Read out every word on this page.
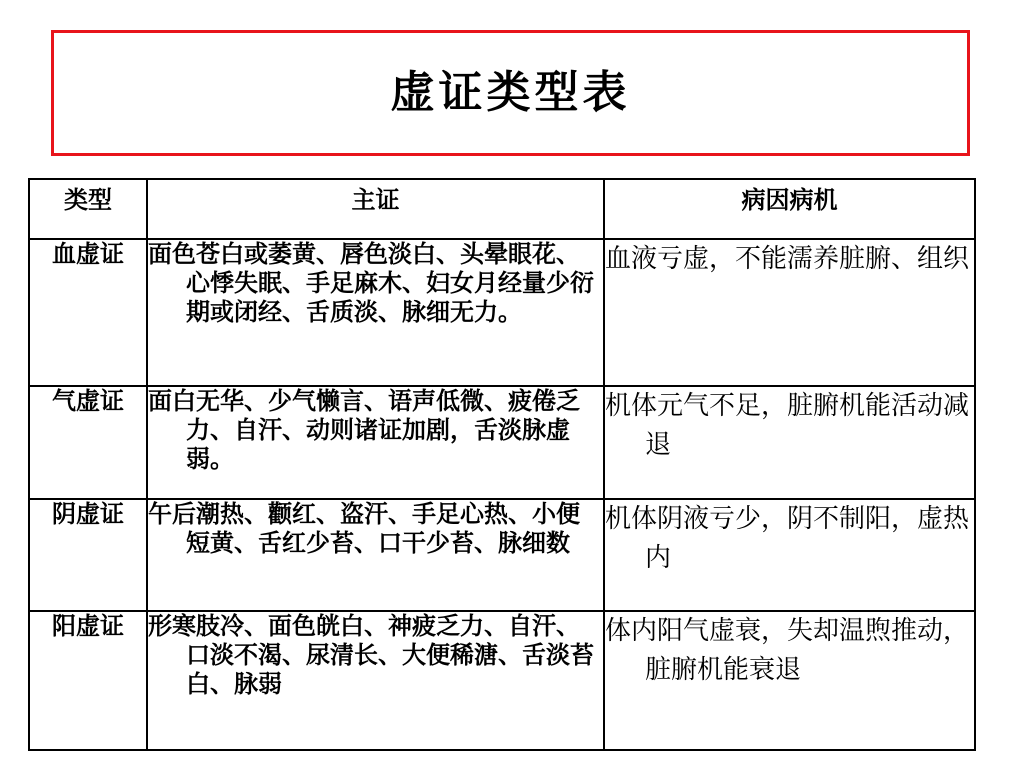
虚证类型表
类型	主证	病因病机
血虚证	面色苍白或萎黄、唇色淡白、头晕眼花、心悸失眠、手足麻木、妇女月经量少衍期或闭经、舌质淡、脉细无力。	血液亏虚，不能濡养脏腑、组织

气虚证	面白无华、少气懒言、语声低微、疲倦乏力、自汗、动则诸证加剧，舌淡脉虚弱。	机体元气不足，脏腑机能活动减退

阴虚证	午后潮热、颧红、盗汗、手足心热、小便短黄、舌红少苔、口干少苔、脉细数	机体阴液亏少，阴不制阳，虚热内

阳虚证	形寒肢冷、面色㿠白、神疲乏力、自汗、口淡不渴、尿清长、大便稀溏、舌淡苔白、脉弱	体内阳气虚衰，失却温煦推动，脏腑机能衰退
